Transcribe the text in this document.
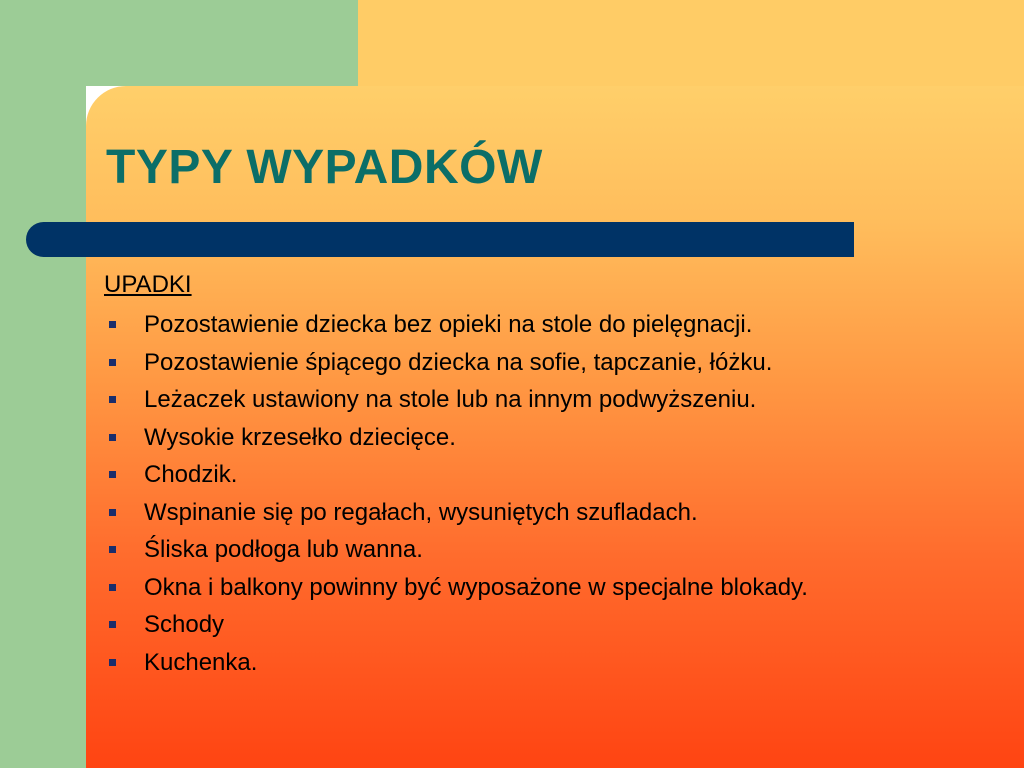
TYPY WYPADKÓW
UPADKI
Pozostawienie dziecka bez opieki na stole do pielęgnacji.
Pozostawienie śpiącego dziecka na sofie, tapczanie, łóżku.
Leżaczek ustawiony na stole lub na innym podwyższeniu.
Wysokie krzesełko dziecięce.
Chodzik.
Wspinanie się po regałach, wysuniętych szufladach.
Śliska podłoga lub wanna.
Okna i balkony powinny być wyposażone w specjalne blokady.
Schody
Kuchenka.
